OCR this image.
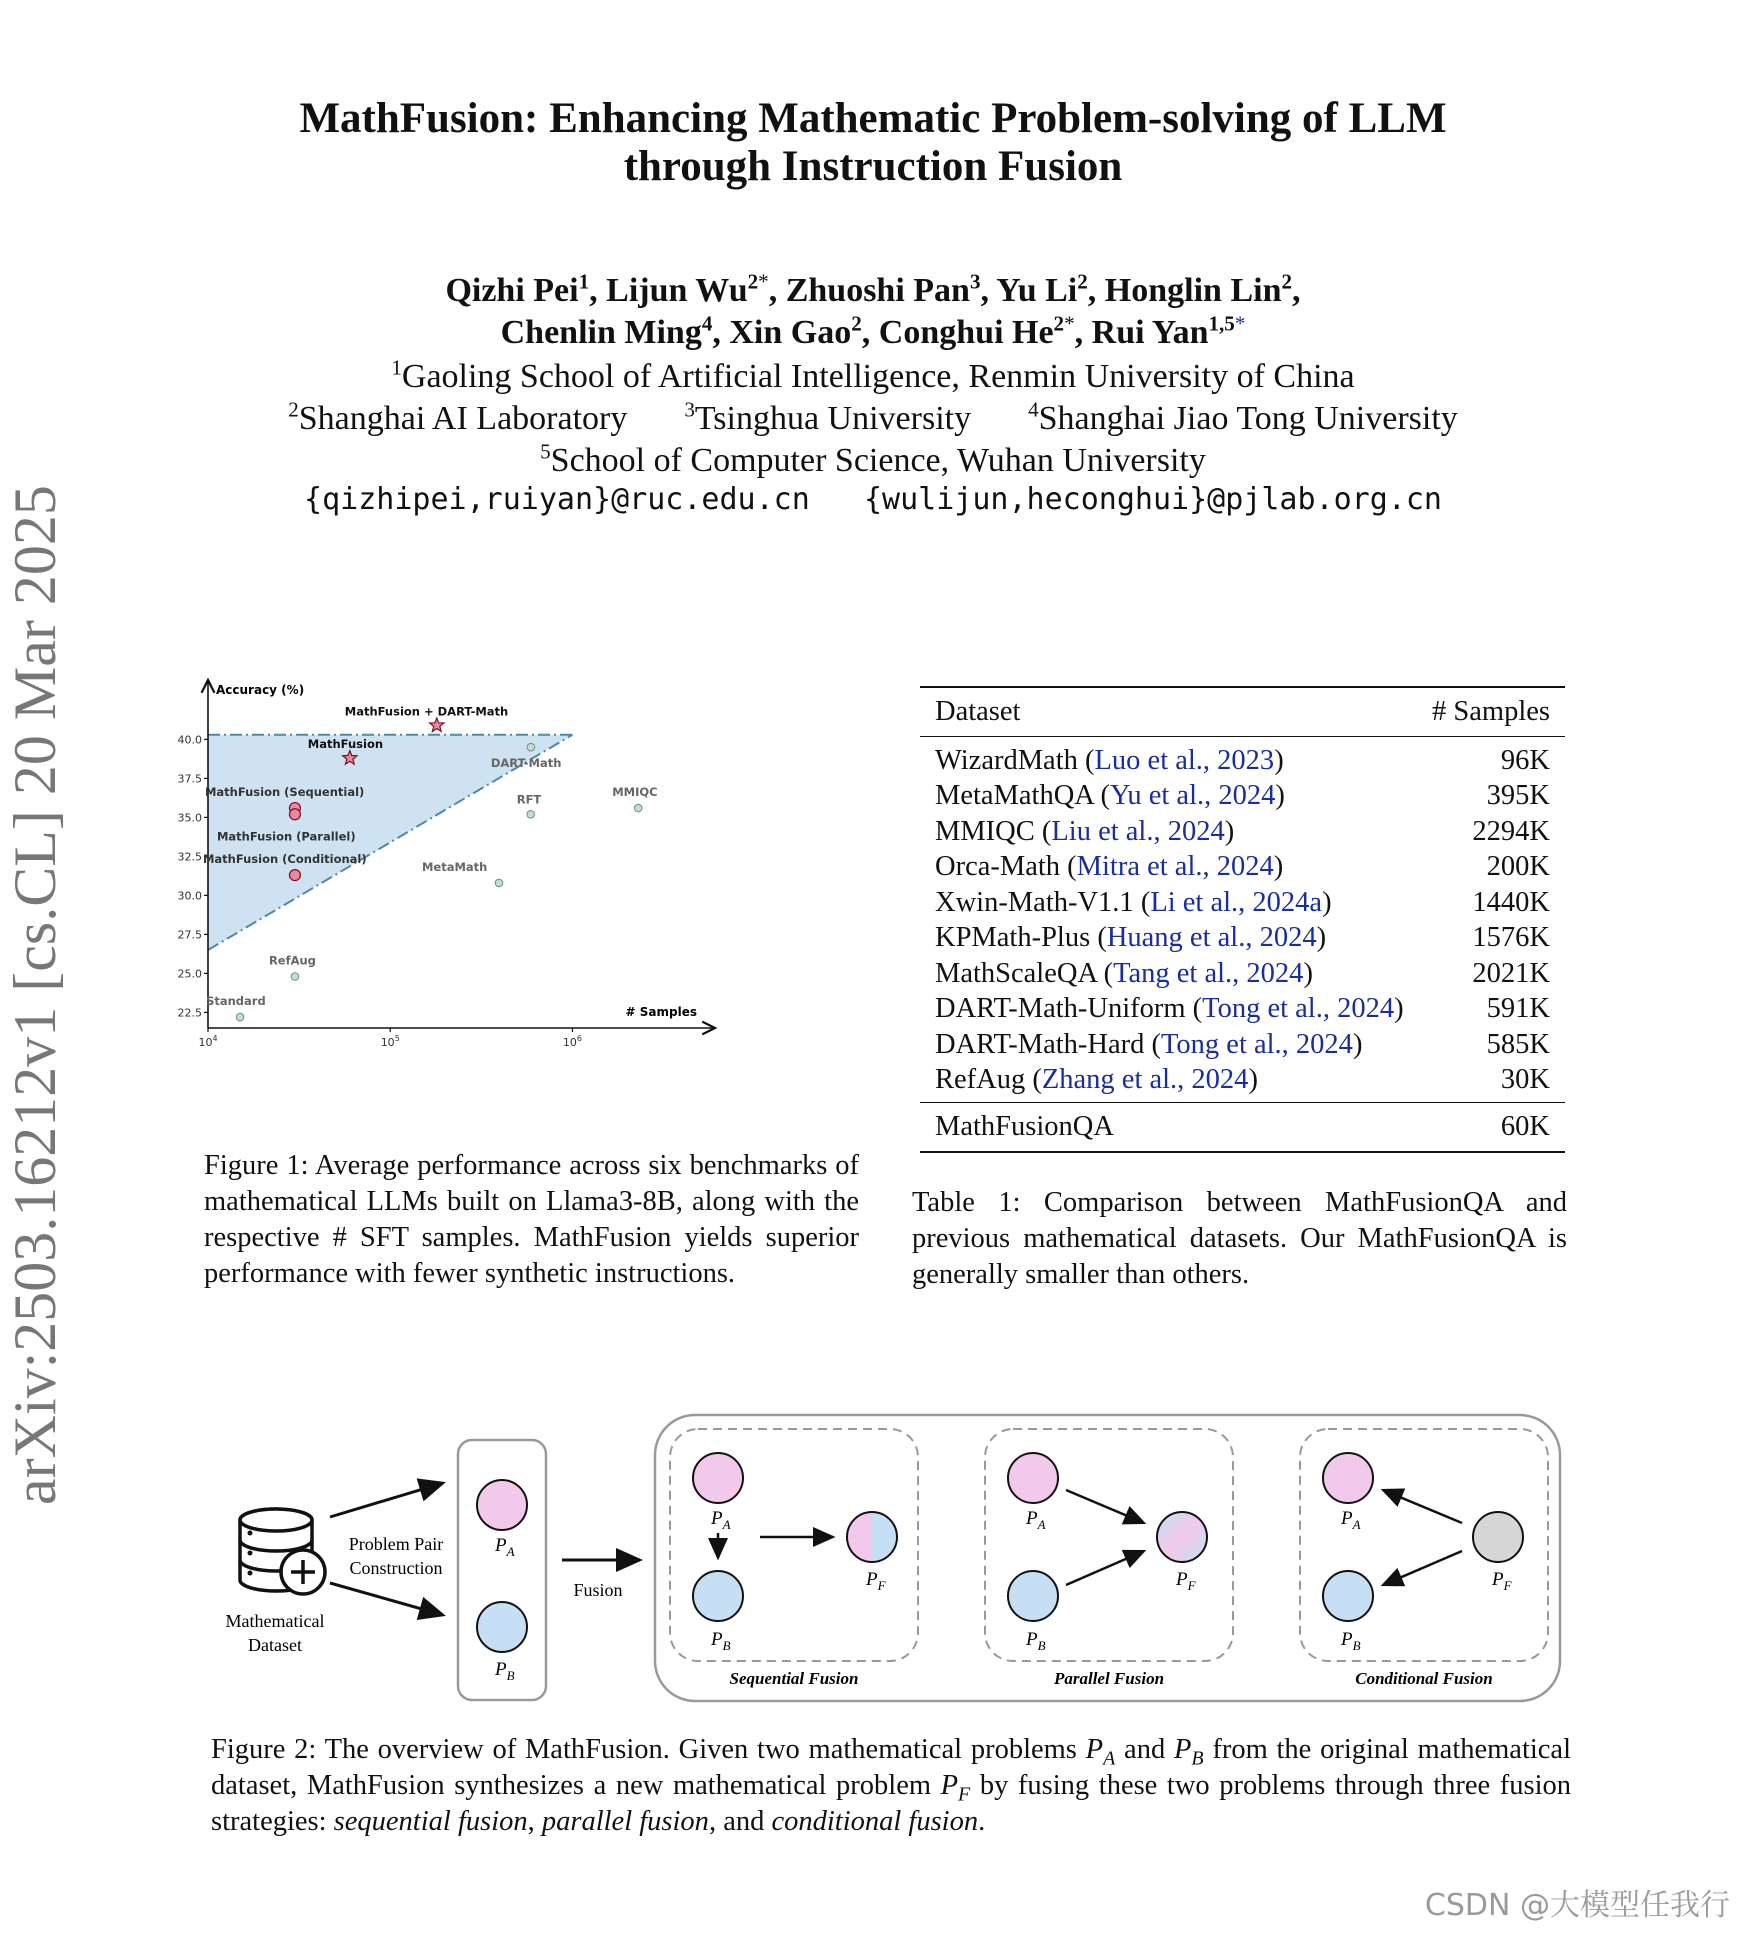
arXiv:2503.16212v1 [cs.CL] 20 Mar 2025
MathFusion: Enhancing Mathematic Problem-solving of LLM
through Instruction Fusion
Qizhi Pei$^1$, Lijun $Wu^{2*}$, Zhuoshi Pan$^3$, Yu Li$^2$, Honglin Lin$^2$,
Chenlin Ming$^4$, Xin Gao$^2$, Conghui $He^{2*}$, Rui Yan$^{1,5*}$
$^1$Gaoling School of Artificial Intelligence, Renmin University of China
$^2$Shanghai AI Laboratory	$^3$Tsinghua University	$^4$Shanghai Jiao Tong University
$^5$School of Computer Science, Wuhan University
{qizhipei,ruiyan}@ruc.edu.cn {wulijun,heconghui}@pjlab.org.cn
Accuracy (%)
# Samples
22.5
25.0
27.5
30.0
32.5
35.0
37.5
40.0
$10^4$	$10^5$	$10^6$
MathFusion + DART-Math
MathFusion
DART-Math
MathFusion (Sequential)
MathFusion (Parallel)
MathFusion (Conditional)
RFT
MMIQC
MetaMath
RefAug
Standard
Figure 1: Average performance across six benchmarks of mathematical LLMs built on Llama3-8B, along with the respective # SFT samples. MathFusion yields superior performance with fewer synthetic instructions.
Dataset	# Samples
WizardMath (Luo et al., 2023)	96K
MetaMathQA (Yu et al., 2024)	395K
MMIQC (Liu et al., 2024)	2294K
Orca-Math (Mitra et al., 2024)	200K
Xwin-Math-V1.1 (Li et al., 2024a)	1440K
KPMath-Plus (Huang et al., 2024)	1576K
MathScaleQA (Tang et al., 2024)	2021K
DART-Math-Uniform (Tong et al., 2024)	591K
DART-Math-Hard (Tong et al., 2024)	585K
RefAug (Zhang et al., 2024)	30K
MathFusionQA	60K
Table 1: Comparison between MathFusionQA and previous mathematical datasets. Our MathFusionQA is generally smaller than others.
Mathematical
Dataset
Problem Pair
Construction
$P_A$
$P_B$
Fusion
$P_A$
$P_B$
$P_F$
Sequential Fusion
$P_A$
$P_B$
$P_F$
Parallel Fusion
$P_A$
$P_B$
$P_F$
Conditional Fusion
Figure 2: The overview of MathFusion. Given two mathematical problems $P_A$ and $P_B$ from the original mathematical dataset, MathFusion synthesizes a new mathematical problem $P_F$ by fusing these two problems through three fusion strategies: sequential fusion, parallel fusion, and conditional fusion.
CSDN @大模型任我行
